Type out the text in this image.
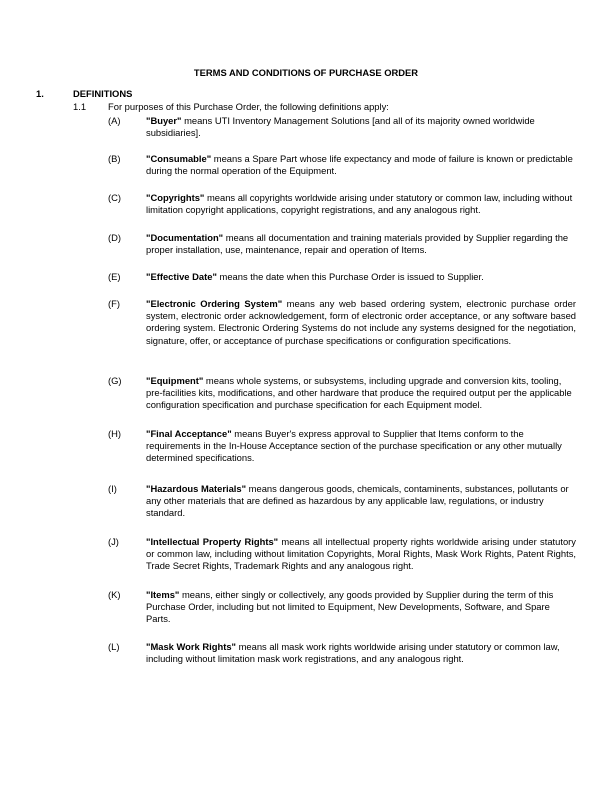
TERMS AND CONDITIONS OF PURCHASE ORDER
1.	DEFINITIONS
1.1 For purposes of this Purchase Order, the following definitions apply:
(A)	"Buyer" means UTI Inventory Management Solutions [and all of its majority owned worldwide subsidiaries].
(B)	"Consumable" means a Spare Part whose life expectancy and mode of failure is known or predictable during the normal operation of the Equipment.
(C)	"Copyrights" means all copyrights worldwide arising under statutory or common law, including without limitation copyright applications, copyright registrations, and any analogous right.
(D)	"Documentation" means all documentation and training materials provided by Supplier regarding the proper installation, use, maintenance, repair and operation of Items.
(E)	"Effective Date" means the date when this Purchase Order is issued to Supplier.
(F)	"Electronic Ordering System" means any web based ordering system, electronic purchase order system, electronic order acknowledgement, form of electronic order acceptance, or any software based ordering system. Electronic Ordering Systems do not include any systems designed for the negotiation, signature, offer, or acceptance of purchase specifications or configuration specifications.
(G)	"Equipment" means whole systems, or subsystems, including upgrade and conversion kits, tooling, pre-facilities kits, modifications, and other hardware that produce the required output per the applicable configuration specification and purchase specification for each Equipment model.
(H)	"Final Acceptance" means Buyer's express approval to Supplier that Items conform to the requirements in the In-House Acceptance section of the purchase specification or any other mutually determined specifications.
(I)	"Hazardous Materials" means dangerous goods, chemicals, contaminents, substances, pollutants or any other materials that are defined as hazardous by any applicable law, regulations, or industry standard.
(J)	"Intellectual Property Rights" means all intellectual property rights worldwide arising under statutory or common law, including without limitation Copyrights, Moral Rights, Mask Work Rights, Patent Rights, Trade Secret Rights, Trademark Rights and any analogous right.
(K)	"Items" means, either singly or collectively, any goods provided by Supplier during the term of this Purchase Order, including but not limited to Equipment, New Developments, Software, and Spare Parts.
(L)	"Mask Work Rights" means all mask work rights worldwide arising under statutory or common law, including without limitation mask work registrations, and any analogous right.
